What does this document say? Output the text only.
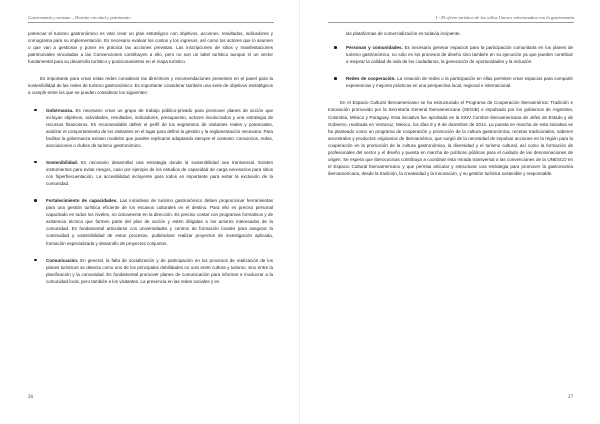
Gastronomía y turismo – Destino circuital y patrimonio

potenciar el turismo gastronómico es vital crear un plan estratégico con objetivos, acciones, resultados, indicadores y cronograma para su implementación. Es necesario evaluar los costos y los ingresos, así como los actores que lo asumen o que van a gestionar y poner en práctica las acciones previstas. Las inscripciones de sitios y manifestaciones patrimoniales vinculadas a las Convenciones contribuyen a ello, pero no son un label turístico aunque sí un vector fundamental para su desarrollo turístico y posicionamiento en el mapa turístico.

Es importante para crear estas redes considerar las directrices y recomendaciones presentes en el panel para la sostenibilidad de las redes de turismo gastronómico. Es importante considerar también una serie de objetivos estratégicos a cumplir entre los que se pueden considerar los siguientes:

Gobernanza. Es necesario crear un grupo de trabajo público-privado para promover planes de acción que incluyan objetivos, actividades, resultados, indicadores, presupuesto, actores involucrados y una estrategia de recursos financieros. Es recomendable definir el perfil de los segmentos de visitantes reales y potenciales, analizar el comportamiento de los visitantes en el lugar para definir la gestión y la reglamentación necesaria. Para facilitar la gobernanza existen modelos que pueden replicarse adaptando siempre el contexto: consorcios, redes, asociaciones o clubes de turismo gastronómico.
Sostenibilidad. Es necesario desarrollar una estrategia donde la sostenibilidad sea transversal. Existen instrumentos para evitar riesgos, caso por ejemplo de los estudios de capacidad de carga necesarios para sitios con hiperfrecuentación. La accesibilidad incluyente para todos es importante para evitar la exclusión de la comunidad.
Fortalecimiento de capacidades. Las iniciativas de turismo gastronómico deben proporcionar herramientas para una gestión turística eficiente de los escasos culturales en el destino. Para ello es preciso personal capacitado en todos los niveles, no únicamente en la dirección. Es preciso contar con programas formativos y de asistencia técnica que formen parte del plan de acción y estén dirigidas a los actores interesados de la comunidad. Es fundamental articularse con universidades y centros de formación locales para asegurar la continuidad y sostenibilidad de estos procesos, pudiéndose realizar proyectos de investigación aplicada, formación especializada y desarrollo de proyectos conjuntos.
Comunicación. En general, la falta de socialización y de participación en los procesos de realización de los planes turísticos se detecta como uno de los principales debilidades no solo entre cultura y turismo, sino entre la planificación y la comunidad. Es fundamental promover planes de comunicación para informar e involucrar a la comunidad local, pero también a los visitantes. La presencia en las redes sociales y en
26
I - El efecto turístico de los sellos Unesco relacionados con la gastronomía

las plataformas de comercialización es todavía incipiente.

Personas y comunidades. Es necesario generar espacios para la participación comunitaria en los planes de turismo gastronómico, no sólo en los procesos de diseño sino también en su ejecución ya que pueden contribuir a mejorar la calidad de vida de los ciudadanos, la generación de oportunidades y la inclusión.
Redes de cooperación. La creación de redes o la participación en ellas permiten crear espacios para compartir experiencias y mejores prácticas en una perspectiva local, regional e internacional.

En el Espacio Cultural Iberoamericano se ha estructurado el Programa de Cooperación Iberoamérica: Tradición e Innovación promovido por la Secretaría General Iberoamericana (SEGIB) e impulsado por los gobiernos de Argentina, Colombia, México y Paraguay. Esta iniciativa fue aprobada en la XXIV Cumbre Iberoamericana de Jefes de Estado y de Gobierno, realizada en Veracruz, México, los días 8 y 9 de diciembre de 2014. La puesta en marcha de esta iniciativa se ha planteado como un programa de cooperación y promoción de la cultura gastronómica, recetas tradicionales, saberes ancestrales y productos originarios de Iberoamérica, que surgió de la necesidad de impulsar acciones en la región para la cooperación en la promoción de la cultura gastronómica, la diversidad y el turismo cultural, así como la formación de profesionales del sector y el diseño y puesta en marcha de políticas públicas para el cuidado de las denominaciones de origen. Se espera que Iberococinas contribuya a coordinar esta mirada transversal a las convenciones de la UNESCO en el Espacio Cultural Iberoamericano y que permita articular y estructurar una estrategia para promover la gastronomía iberoamericana, desde la tradición, la creatividad y la innovación, y su gestión turística sostenible y responsable.

27
